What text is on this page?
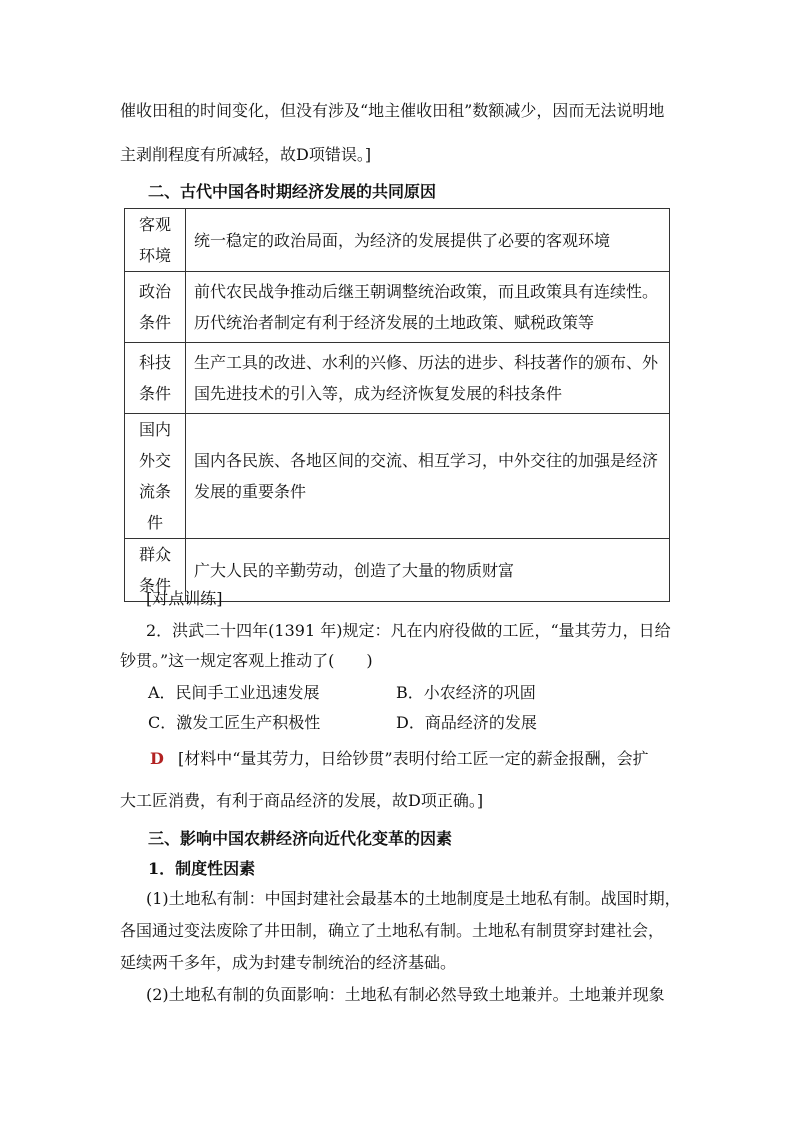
催收田租的时间变化，但没有涉及“地主催收田租”数额减少，因而无法说明地
主剥削程度有所减轻，故D项错误。]
二、古代中国各时期经济发展的共同原因
客观
环境	统一稳定的政治局面，为经济的发展提供了必要的客观环境
政治
条件	前代农民战争推动后继王朝调整统治政策，而且政策具有连续性。
历代统治者制定有利于经济发展的土地政策、赋税政策等
科技
条件	生产工具的改进、水利的兴修、历法的进步、科技著作的颁布、外
国先进技术的引入等，成为经济恢复发展的科技条件
国内
外交
流条
件	国内各民族、各地区间的交流、相互学习，中外交往的加强是经济
发展的重要条件
群众
条件	广大人民的辛勤劳动，创造了大量的物质财富
[对点训练]
2．洪武二十四年(1391 年)规定：凡在内府役做的工匠，“量其劳力，日给
钞贯。”这一规定客观上推动了(　　)
A．民间手工业迅速发展	B．小农经济的巩固
C．激发工匠生产积极性	D．商品经济的发展
D [材料中“量其劳力，日给钞贯”表明付给工匠一定的薪金报酬，会扩
大工匠消费，有利于商品经济的发展，故D项正确。]
三、影响中国农耕经济向近代化变革的因素
1．制度性因素
(1)土地私有制：中国封建社会最基本的土地制度是土地私有制。战国时期，
各国通过变法废除了井田制，确立了土地私有制。土地私有制贯穿封建社会，
延续两千多年，成为封建专制统治的经济基础。
(2)土地私有制的负面影响：土地私有制必然导致土地兼并。土地兼并现象
